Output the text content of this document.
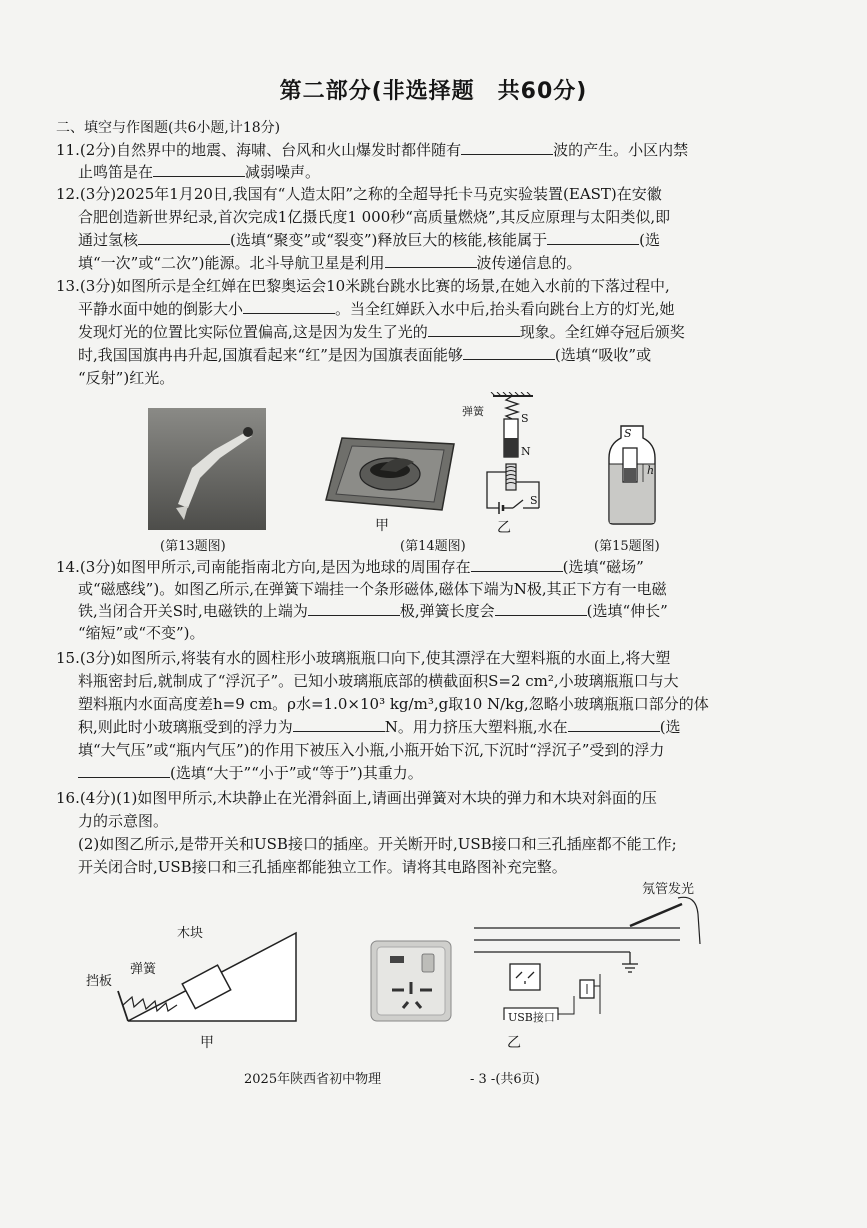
第二部分(非选择题　共60分)
二、填空与作图题(共6小题,计18分)
11.(2分)自然界中的地震、海啸、台风和火山爆发时都伴随有	波的产生。小区内禁
止鸣笛是在	减弱噪声。
12.(3分)2025年1月20日,我国有“人造太阳”之称的全超导托卡马克实验装置(EAST)在安徽
合肥创造新世界纪录,首次完成1亿摄氏度1 000秒“高质量燃烧”,其反应原理与太阳类似,即
通过氢核	(选填“聚变”或“裂变”)释放巨大的核能,核能属于	(选
填“一次”或“二次”)能源。北斗导航卫星是利用	波传递信息的。
13.(3分)如图所示是全红婵在巴黎奥运会10米跳台跳水比赛的场景,在她入水前的下落过程中,
平静水面中她的倒影大小	。当全红婵跃入水中后,抬头看向跳台上方的灯光,她
发现灯光的位置比实际位置偏高,这是因为发生了光的	现象。全红婵夺冠后颁奖
时,我国国旗冉冉升起,国旗看起来“红”是因为国旗表面能够	(选填“吸收”或
“反射”)红光。
(第13题图)
甲
弹簧
S
N
S
乙
(第14题图)
S
h
(第15题图)
14.(3分)如图甲所示,司南能指南北方向,是因为地球的周围存在	(选填“磁场”
或“磁感线”)。如图乙所示,在弹簧下端挂一个条形磁体,磁体下端为N极,其正下方有一电磁
铁,当闭合开关S时,电磁铁的上端为	极,弹簧长度会	(选填“伸长”
“缩短”或“不变”)。
15.(3分)如图所示,将装有水的圆柱形小玻璃瓶瓶口向下,使其漂浮在大塑料瓶的水面上,将大塑
料瓶密封后,就制成了“浮沉子”。已知小玻璃瓶底部的横截面积S=2 cm²,小玻璃瓶瓶口与大
塑料瓶内水面高度差h=9 cm。ρ水=1.0×10³ kg/m³,g取10 N/kg,忽略小玻璃瓶瓶口部分的体
积,则此时小玻璃瓶受到的浮力为	N。用力挤压大塑料瓶,水在	(选
填“大气压”或“瓶内气压”)的作用下被压入小瓶,小瓶开始下沉,下沉时“浮沉子”受到的浮力
(选填“大于”“小于”或“等于”)其重力。
16.(4分)(1)如图甲所示,木块静止在光滑斜面上,请画出弹簧对木块的弹力和木块对斜面的压
力的示意图。
(2)如图乙所示,是带开关和USB接口的插座。开关断开时,USB接口和三孔插座都不能工作;
开关闭合时,USB接口和三孔插座都能独立工作。请将其电路图补充完整。
木块
弹簧
挡板
甲
氖管发光
USB接口
乙
2025年陕西省初中物理	- 3 -(共6页)
